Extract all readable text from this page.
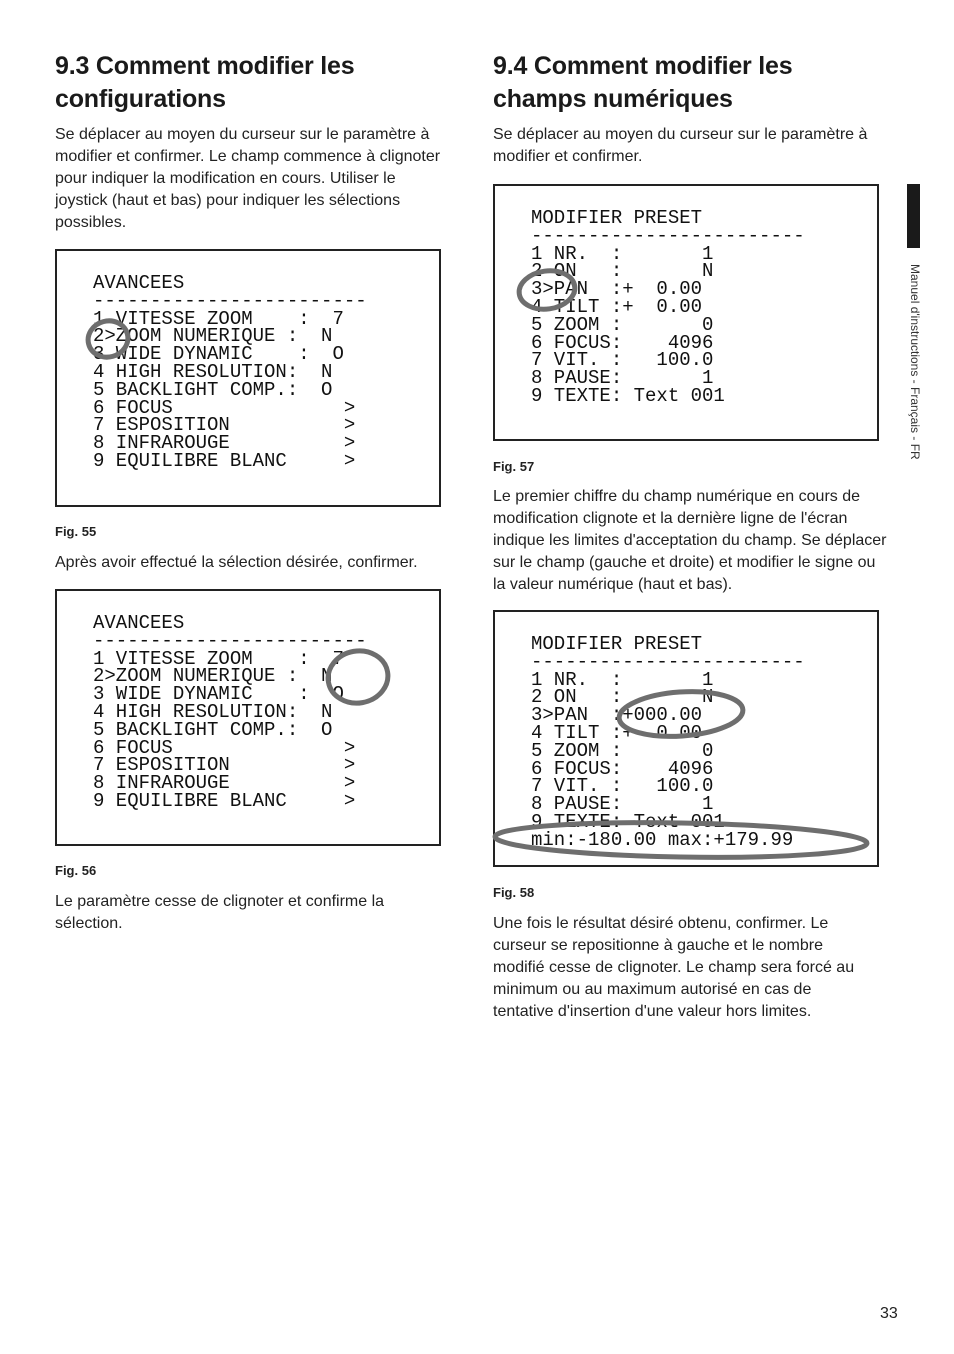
9.3 Comment modifier les configurations

Se déplacer au moyen du curseur sur le paramètre à modifier et confirmer. Le champ commence à clignoter pour indiquer la modification en cours. Utiliser le joystick (haut et bas) pour indiquer les sélections possibles.

AVANCEES
------------------------
1 VITESSE ZOOM    :  7
2>ZOOM NUMERIQUE :  N
3 WIDE DYNAMIC    :  O
4 HIGH RESOLUTION:  N
5 BACKLIGHT COMP.:  O
6 FOCUS               >
7 ESPOSITION          >
8 INFRAROUGE          >
9 EQUILIBRE BLANC     >
Fig. 55

Après avoir effectué la sélection désirée, confirmer.

AVANCEES
------------------------
1 VITESSE ZOOM    :  7
2>ZOOM NUMERIQUE :  N
3 WIDE DYNAMIC    :  O
4 HIGH RESOLUTION:  N
5 BACKLIGHT COMP.:  O
6 FOCUS               >
7 ESPOSITION          >
8 INFRAROUGE          >
9 EQUILIBRE BLANC     >
Fig. 56

Le paramètre cesse de clignoter et confirme la sélection.

9.4 Comment modifier les champs numériques

Se déplacer au moyen du curseur sur le paramètre à modifier et confirmer.

MODIFIER PRESET
------------------------
1 NR.  :       1
2 ON   :       N
3>PAN  :+  0.00
4 TILT :+  0.00
5 ZOOM :       0
6 FOCUS:    4096
7 VIT. :   100.0
8 PAUSE:       1
9 TEXTE: Text 001
Fig. 57

Le premier chiffre du champ numérique en cours de modification clignote et la dernière ligne de l'écran indique les limites d'acceptation du champ. Se déplacer sur le champ (gauche et droite) et modifier le signe ou la valeur numérique (haut et bas).

MODIFIER PRESET
------------------------
1 NR.  :       1
2 ON   :       N
3>PAN  :+000.00
4 TILT :+  0.00
5 ZOOM :       0
6 FOCUS:    4096
7 VIT. :   100.0
8 PAUSE:       1
9 TEXTE: Text 001
min:-180.00 max:+179.99
Fig. 58

Une fois le résultat désiré obtenu, confirmer. Le curseur se repositionne à gauche et le nombre modifié cesse de clignoter. Le champ sera forcé au minimum ou au maximum autorisé en cas de tentative d'insertion d'une valeur hors limites.

Manuel d'instructions - Français - FR
33
